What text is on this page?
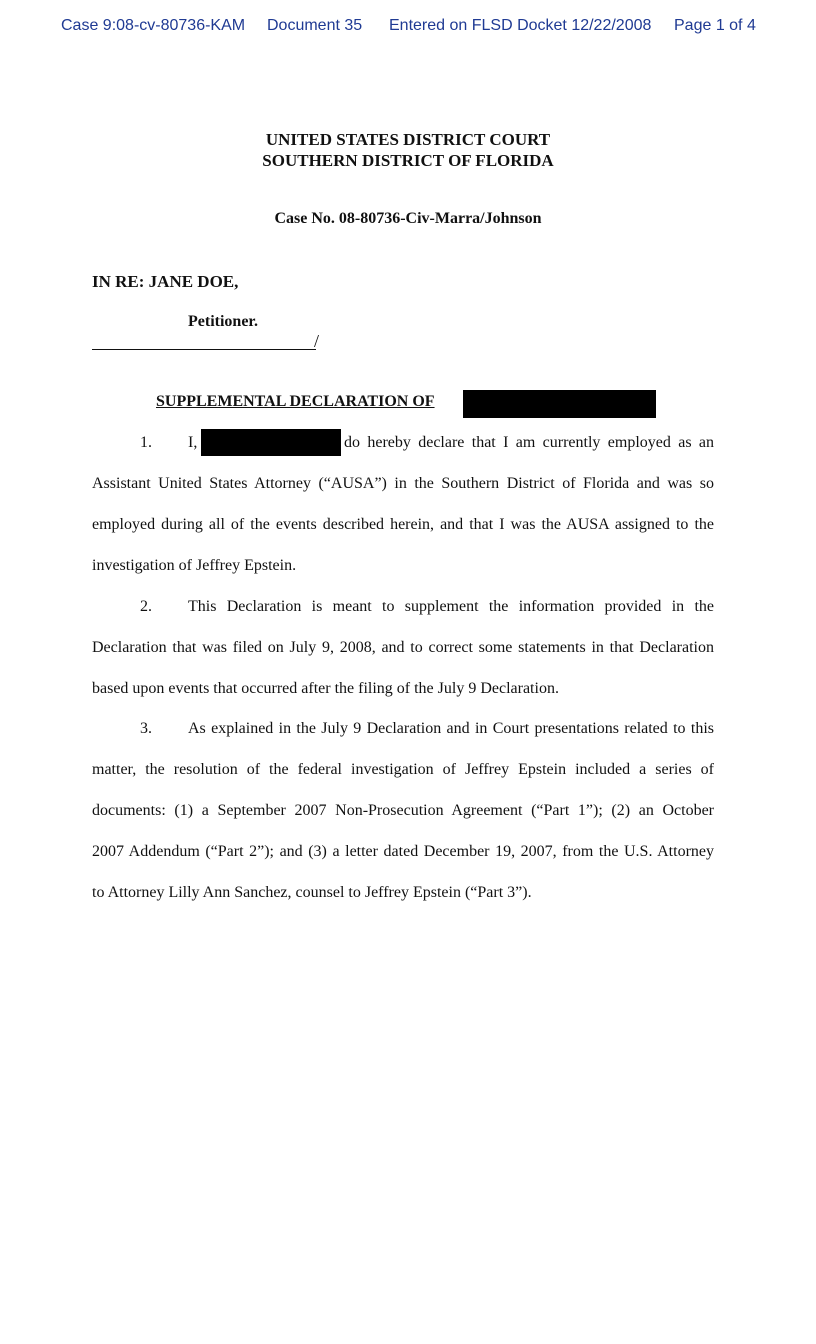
Case 9:08-cv-80736-KAM Document 35 Entered on FLSD Docket 12/22/2008 Page 1 of 4
UNITED STATES DISTRICT COURT
SOUTHERN DISTRICT OF FLORIDA
Case No. 08-80736-Civ-Marra/Johnson
IN RE: JANE DOE,
Petitioner.
/
SUPPLEMENTAL DECLARATION OF
1. I,	do hereby declare that I am currently employed as an
Assistant United States Attorney (“AUSA”) in the Southern District of Florida and was so
employed during all of the events described herein, and that I was the AUSA assigned to the
investigation of Jeffrey Epstein.
2. This Declaration is meant to supplement the information provided in the
Declaration that was filed on July 9, 2008, and to correct some statements in that Declaration
based upon events that occurred after the filing of the July 9 Declaration.
3. As explained in the July 9 Declaration and in Court presentations related to this
matter, the resolution of the federal investigation of Jeffrey Epstein included a series of
documents: (1) a September 2007 Non-Prosecution Agreement (“Part 1”); (2) an October
2007 Addendum (“Part 2”); and (3) a letter dated December 19, 2007, from the U.S. Attorney
to Attorney Lilly Ann Sanchez, counsel to Jeffrey Epstein (“Part 3”).
